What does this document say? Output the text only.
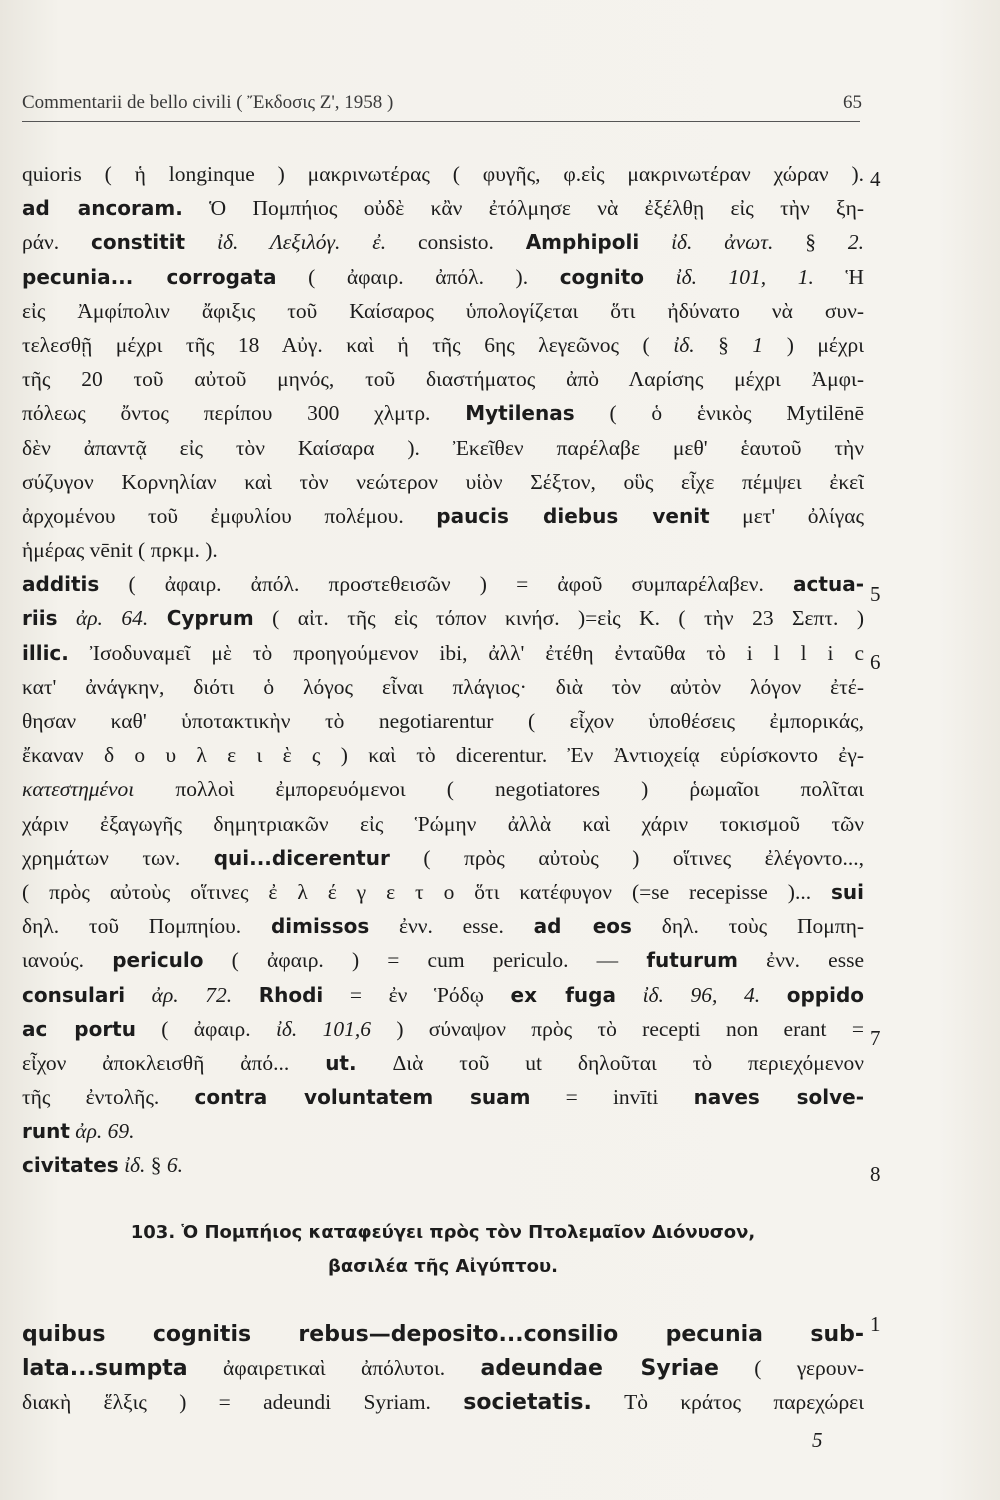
Commentarii de bello civili ( Ἔκδοσις Ζ', 1958 )	65
quioris ( ἡ longinque ) μακρινωτέρας ( φυγῆς, φ.εἰς μακρινωτέραν χώραν ).
ad ancoram. Ὁ Πομπήιος οὐδὲ κἂν ἐτόλμησε νὰ ἐξέλθῃ εἰς τὴν ξη-
ράν. constitit ἰδ. Λεξιλόγ. ἐ. consisto. Amphipoli ἰδ. ἀνωτ. § 2.
pecunia... corrogata ( ἀφαιρ. ἀπόλ. ). cognito ἰδ. 101, 1. Ἡ
εἰς Ἀμφίπολιν ἄφιξις τοῦ Καίσαρος ὑπολογίζεται ὅτι ἠδύνατο νὰ συν-
τελεσθῇ μέχρι τῆς 18 Αὐγ. καὶ ἡ τῆς 6ης λεγεῶνος ( ἰδ. § 1 ) μέχρι
τῆς 20 τοῦ αὐτοῦ μηνός, τοῦ διαστήματος ἀπὸ Λαρίσης μέχρι Ἀμφι-
πόλεως ὄντος περίπου 300 χλμτρ. Mytilenas ( ὁ ἑνικὸς Mytilēnē
δὲν ἀπαντᾷ εἰς τὸν Καίσαρα ). Ἐκεῖθεν παρέλαβε μεθ' ἑαυτοῦ τὴν
σύζυγον Κορνηλίαν καὶ τὸν νεώτερον υἱὸν Σέξτον, οὓς εἶχε πέμψει ἐκεῖ
ἀρχομένου τοῦ ἐμφυλίου πολέμου. paucis diebus venit μετ' ὀλίγας
ἡμέρας vēnit ( πρκμ. ).
additis ( ἀφαιρ. ἀπόλ. προστεθεισῶν ) = ἀφοῦ συμπαρέλαβεν. actua-
riis ἀρ. 64. Cyprum ( αἰτ. τῆς εἰς τόπον κινήσ. )=εἰς Κ. ( τὴν 23 Σεπτ. )
illic. Ἰσοδυναμεῖ μὲ τὸ προηγούμενον ibi, ἀλλ' ἐτέθη ἐνταῦθα τὸ i l l i c
κατ' ἀνάγκην, διότι ὁ λόγος εἶναι πλάγιος· διὰ τὸν αὐτὸν λόγον ἐτέ-
θησαν καθ' ὑποτακτικὴν τὸ negotiarentur ( εἶχον ὑποθέσεις ἐμπορικάς,
ἔκαναν δ ο υ λ ε ι ὲ ς ) καὶ τὸ dicerentur. Ἐν Ἀντιοχείᾳ εὑρίσκοντο ἐγ-
κατεστημένοι πολλοὶ ἐμπορευόμενοι ( negotiatores ) ῥωμαῖοι πολῖται
χάριν ἐξαγωγῆς δημητριακῶν εἰς Ῥώμην ἀλλὰ καὶ χάριν τοκισμοῦ τῶν
χρημάτων των. qui...dicerentur ( πρὸς αὐτοὺς ) οἵτινες ἐλέγοντο...,
( πρὸς αὐτοὺς οἵτινες ἐ λ έ γ ε τ ο ὅτι κατέφυγον (=se recepisse )... sui
δηλ. τοῦ Πομπηίου. dimissos ἐνν. esse. ad eos δηλ. τοὺς Πομπη-
ιανούς. periculo ( ἀφαιρ. ) = cum periculo. — futurum ἐνν. esse
consulari ἀρ. 72. Rhodi = ἐν Ῥόδῳ ex fuga ἰδ. 96, 4. oppido
ac portu ( ἀφαιρ. ἰδ. 101,6 ) σύναψον πρὸς τὸ recepti non erant =
εἶχον ἀποκλεισθῆ ἀπό... ut. Διὰ τοῦ ut δηλοῦται τὸ περιεχόμενον
τῆς ἐντολῆς. contra voluntatem suam = invīti naves solve-
runt ἀρ. 69.
civitates ἰδ. § 6.
4
5
6
7
8
103. Ὁ Πομπήιος καταφεύγει πρὸς τὸν Πτολεμαῖον Διόνυσον,
βασιλέα τῆς Αἰγύπτου.
quibus cognitis rebus—deposito...consilio pecunia sub-
lata...sumpta ἀφαιρετικαὶ ἀπόλυτοι. adeundae Syriae ( γερουν-
διακὴ ἕλξις ) = adeundi Syriam. societatis. Τὸ κράτος παρεχώρει
1
5
